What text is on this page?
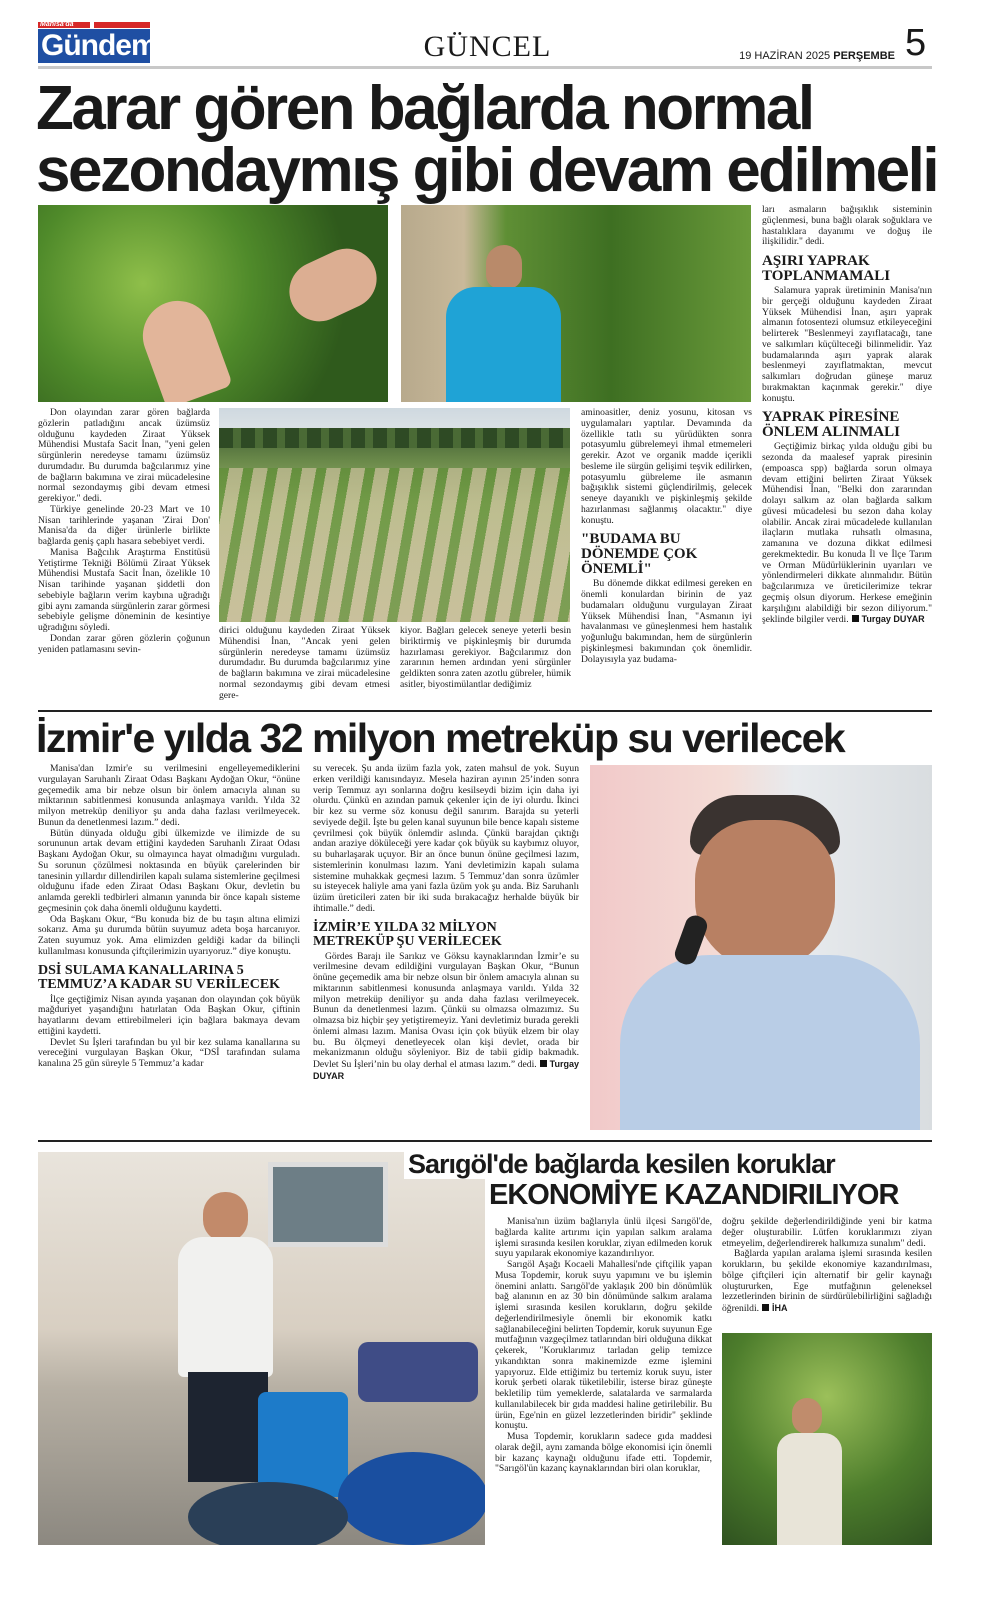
Manisa'da
Gündem	GÜNCEL	19 HAZİRAN 2025 PERŞEMBE 5
Zarar gören bağlarda normal
sezondaymış gibi devam edilmeli

Don olayından zarar gören bağlarda gözlerin patladığını ancak üzümsüz olduğunu kaydeden Ziraat Yüksek Mühendisi Mustafa Sacit İnan, "yeni gelen sürgünlerin neredeyse tamamı üzümsüz durumdadır. Bu durumda bağcılarımız yine de bağların bakımına ve zirai mücadelesine normal sezondaymış gibi devam etmesi gerekiyor." dedi.

Türkiye genelinde 20-23 Mart ve 10 Nisan tarihlerinde yaşanan 'Zirai Don' Manisa'da da diğer ürünlerle birlikte bağlarda geniş çaplı hasara sebebiyet verdi.

Manisa Bağcılık Araştırma Enstitüsü Yetiştirme Tekniği Bölümü Ziraat Yüksek Mühendisi Mustafa Sacit İnan, özelikle 10 Nisan tarihinde yaşanan şiddetli don sebebiyle bağların verim kaybına uğradığı gibi aynı zamanda sürgünlerin zarar görmesi sebebiyle gelişme döneminin de kesintiye uğradığını söyledi.

Dondan zarar gören gözlerin çoğunun yeniden patlamasını sevin-

dirici olduğunu kaydeden Ziraat Yüksek Mühendisi İnan, "Ancak yeni gelen sürgünlerin neredeyse tamamı üzümsüz durumdadır. Bu durumda bağcılarımız yine de bağların bakımına ve zirai mücadelesine normal sezondaymış gibi devam etmesi gere-

kiyor. Bağları gelecek seneye yeterli besin biriktirmiş ve pişkinleşmiş bir durumda hazırlaması gerekiyor. Bağcılarımız don zararının hemen ardından yeni sürgünler geldikten sonra zaten azotlu gübreler, hümik asitler, biyostimülantlar dediğimiz

aminoasitler, deniz yosunu, kitosan vs uygulamaları yaptılar. Devamında da özellikle tatlı su yürüdükten sonra potasyumlu gübrelemeyi ihmal etmemeleri gerekir. Azot ve organik madde içerikli besleme ile sürgün gelişimi teşvik edilirken, potasyumlu gübreleme ile asmanın bağışıklık sistemi güçlendirilmiş, gelecek seneye dayanıklı ve pişkinleşmiş şekilde hazırlanması sağlanmış olacaktır." diye konuştu.

"BUDAMA BU DÖNEMDE ÇOK ÖNEMLİ"

Bu dönemde dikkat edilmesi gereken en önemli konulardan birinin de yaz budamaları olduğunu vurgulayan Ziraat Yüksek Mühendisi İnan, "Asmanın iyi havalanması ve güneşlenmesi hem hastalık yoğunluğu bakımından, hem de sürgünlerin pişkinleşmesi bakımından çok önemlidir. Dolayısıyla yaz budama-

ları asmaların bağışıklık sisteminin güçlenmesi, buna bağlı olarak soğuklara ve hastalıklara dayanımı ve doğuş ile ilişkilidir." dedi.

AŞIRI YAPRAK TOPLANMAMALI

Salamura yaprak üretiminin Manisa'nın bir gerçeği olduğunu kaydeden Ziraat Yüksek Mühendisi İnan, aşırı yaprak almanın fotosentezi olumsuz etkileyeceğini belirterek "Beslenmeyi zayıflatacağı, tane ve salkımları küçülteceği bilinmelidir. Yaz budamalarında aşırı yaprak alarak beslenmeyi zayıflatmaktan, mevcut salkımları doğrudan güneşe maruz bırakmaktan kaçınmak gerekir." diye konuştu.

YAPRAK PİRESİNE ÖNLEM ALINMALI

Geçtiğimiz birkaç yılda olduğu gibi bu sezonda da maalesef yaprak piresinin (empoasca spp) bağlarda sorun olmaya devam ettiğini belirten Ziraat Yüksek Mühendisi İnan, "Belki don zararından dolayı salkım az olan bağlarda salkım güvesi mücadelesi bu sezon daha kolay olabilir. Ancak zirai mücadelede kullanılan ilaçların mutlaka ruhsatlı olmasına, zamanına ve dozuna dikkat edilmesi gerekmektedir. Bu konuda İl ve İlçe Tarım ve Orman Müdürlüklerinin uyarıları ve yönlendirmeleri dikkate alınmalıdır. Bütün bağcılarımıza ve üreticilerimize tekrar geçmiş olsun diyorum. Herkese emeğinin karşılığını alabildiği bir sezon diliyorum." şeklinde bilgiler verdi. Turgay DUYAR

İzmir'e yılda 32 milyon metreküp su verilecek

Manisa'dan İzmir'e su verilmesini engelleyemediklerini vurgulayan Saruhanlı Ziraat Odası Başkanı Aydoğan Okur, “önüne geçemedik ama bir nebze olsun bir önlem amacıyla alınan su miktarının sabitlenmesi konusunda anlaşmaya varıldı. Yılda 32 milyon metreküp deniliyor şu anda daha fazlası verilmeyecek. Bunun da denetlenmesi lazım.” dedi.

Bütün dünyada olduğu gibi ülkemizde ve ilimizde de su sorununun artak devam ettiğini kaydeden Saruhanlı Ziraat Odası Başkanı Aydoğan Okur, su olmayınca hayat olmadığını vurguladı. Su sorunun çözülmesi noktasında en büyük çarelerinden bir tanesinin yıllardır dillendirilen kapalı sulama sistemlerine geçilmesi olduğunu ifade eden Ziraat Odası Başkanı Okur, devletin bu anlamda gerekli tedbirleri almanın yanında bir önce kapalı sisteme geçmesinin çok daha önemli olduğunu kaydetti.

Oda Başkanı Okur, “Bu konuda biz de bu taşın altına elimizi sokarız. Ama şu durumda bütün suyumuz adeta boşa harcanıyor. Zaten suyumuz yok. Ama elimizden geldiği kadar da bilinçli kullanılması konusunda çiftçilerimizin uyarıyoruz.” diye konuştu.

DSİ SULAMA KANALLARINA 5 TEMMUZ’A KADAR SU VERİLECEK

İlçe geçtiğimiz Nisan ayında yaşanan don olayından çok büyük mağduriyet yaşandığını hatırlatan Oda Başkan Okur, çiftinin hayatlarını devam ettirebilmeleri için bağlara bakmaya devam ettiğini kaydetti.

Devlet Su İşleri tarafından bu yıl bir kez sulama kanallarına su vereceğini vurgulayan Başkan Okur, “DSİ tarafından sulama kanalına 25 gün süreyle 5 Temmuz’a kadar

su verecek. Şu anda üzüm fazla yok, zaten mahsul de yok. Suyun erken verildiği kanısındayız. Mesela haziran ayının 25’inden sonra verip Temmuz ayı sonlarına doğru kesilseydi bizim için daha iyi olurdu. Çünkü en azından pamuk çekenler için de iyi olurdu. İkinci bir kez su verme söz konusu değil sanırım. Barajda su yeterli seviyede değil. İşte bu gelen kanal suyunun bile bence kapalı sisteme çevrilmesi çok büyük önlemdir aslında. Çünkü barajdan çıktığı andan araziye döküleceği yere kadar çok büyük su kaybımız oluyor, su buharlaşarak uçuyor. Bir an önce bunun önüne geçilmesi lazım, sistemlerinin konulması lazım. Yani devletimizin kapalı sulama sistemine muhakkak geçmesi lazım. 5 Temmuz’dan sonra üzümler su isteyecek haliyle ama yani fazla üzüm yok şu anda. Biz Saruhanlı üzüm üreticileri zaten bir iki suda bırakacağız herhalde büyük bir ihtimalle.” dedi.

İZMİR’E YILDA 32 MİLYON METREKÜP ŞU VERİLECEK

Gördes Barajı ile Sarıkız ve Göksu kaynaklarından İzmir’e su verilmesine devam edildiğini vurgulayan Başkan Okur, “Bunun önüne geçemedik ama bir nebze olsun bir önlem amacıyla alınan su miktarının sabitlenmesi konusunda anlaşmaya varıldı. Yılda 32 milyon metreküp deniliyor şu anda daha fazlası verilmeyecek. Bunun da denetlenmesi lazım. Çünkü su olmazsa olmazımız. Su olmazsa biz hiçbir şey yetiştiremeyiz. Yani devletimiz burada gerekli önlemi alması lazım. Manisa Ovası için çok büyük elzem bir olay bu. Bu ölçmeyi denetleyecek olan kişi devlet, orada bir mekanizmanın olduğu söyleniyor. Biz de tabii gidip bakmadık. Devlet Su İşleri’nin bu olay derhal el atması lazım.” dedi. Turgay DUYAR

Sarıgöl'de bağlarda kesilen koruklar
EKONOMİYE KAZANDIRILIYOR

Manisa'nın üzüm bağlarıyla ünlü ilçesi Sarıgöl'de, bağlarda kalite artırımı için yapılan salkım aralama işlemi sırasında kesilen koruklar, ziyan edilmeden koruk suyu yapılarak ekonomiye kazandırılıyor.

Sarıgöl Aşağı Kocaeli Mahallesi'nde çiftçilik yapan Musa Topdemir, koruk suyu yapımını ve bu işlemin önemini anlattı. Sarıgöl'de yaklaşık 200 bin dönümlük bağ alanının en az 30 bin dönümünde salkım aralama işlemi sırasında kesilen korukların, doğru şekilde değerlendirilmesiyle önemli bir ekonomik katkı sağlanabileceğini belirten Topdemir, koruk suyunun Ege mutfağının vazgeçilmez tatlarından biri olduğuna dikkat çekerek, "Koruklarımız tarladan gelip temizce yıkandıktan sonra makinemizde ezme işlemini yapıyoruz. Elde ettiğimiz bu tertemiz koruk suyu, ister koruk şerbeti olarak tüketilebilir, isterse biraz güneşte bekletilip tüm yemeklerde, salatalarda ve sarmalarda kullanılabilecek bir gıda maddesi haline getirilebilir. Bu ürün, Ege'nin en güzel lezzetlerinden biridir" şeklinde konuştu.

Musa Topdemir, korukların sadece gıda maddesi olarak değil, aynı zamanda bölge ekonomisi için önemli bir kazanç kaynağı olduğunu ifade etti. Topdemir, "Sarıgöl'ün kazanç kaynaklarından biri olan koruklar,

doğru şekilde değerlendirildiğinde yeni bir katma değer oluşturabilir. Lütfen koruklarımızı ziyan etmeyelim, değerlendirerek halkımıza sunalım" dedi.

Bağlarda yapılan aralama işlemi sırasında kesilen korukların, bu şekilde ekonomiye kazandırılması, bölge çiftçileri için alternatif bir gelir kaynağı oluştururken, Ege mutfağının geleneksel lezzetlerinden birinin de sürdürülebilirliğini sağladığı öğrenildi. İHA
